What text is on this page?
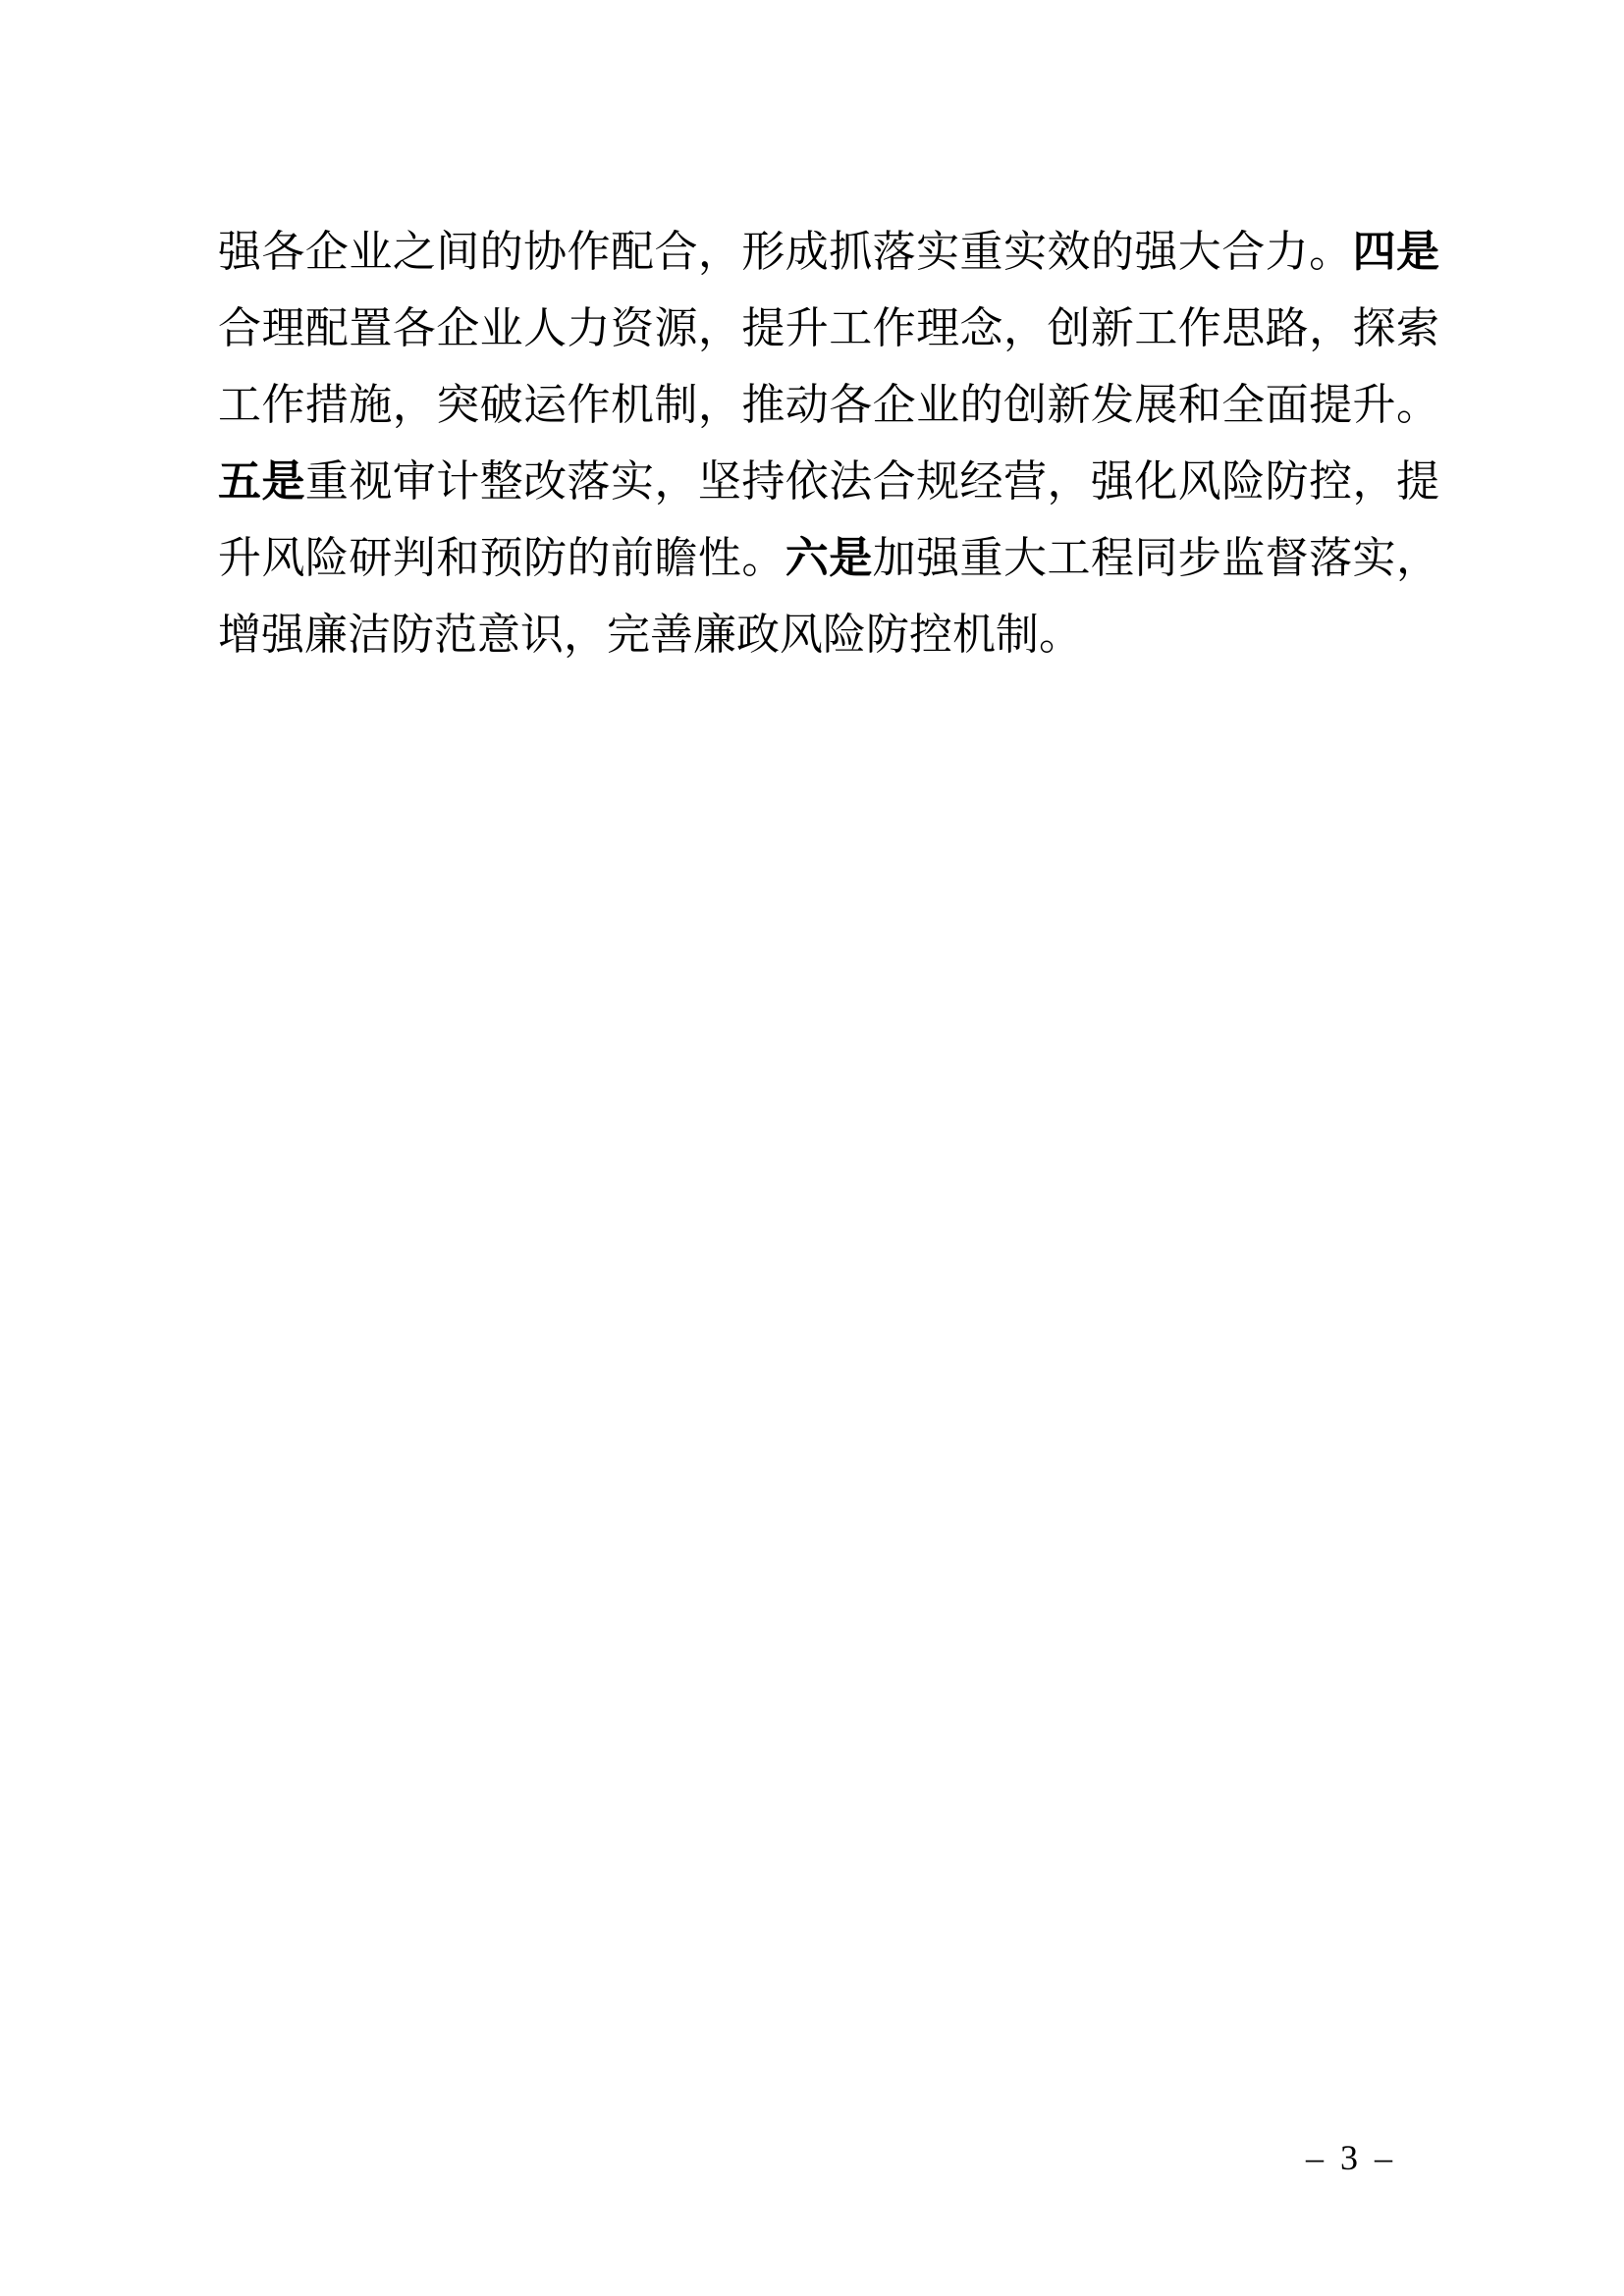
强各企业之间的协作配合，形成抓落实重实效的强大合力。四是合理配置各企业人力资源，提升工作理念，创新工作思路，探索工作措施，突破运作机制，推动各企业的创新发展和全面提升。五是重视审计整改落实，坚持依法合规经营，强化风险防控，提升风险研判和预防的前瞻性。六是加强重大工程同步监督落实，增强廉洁防范意识，完善廉政风险防控机制。
– 3 –
